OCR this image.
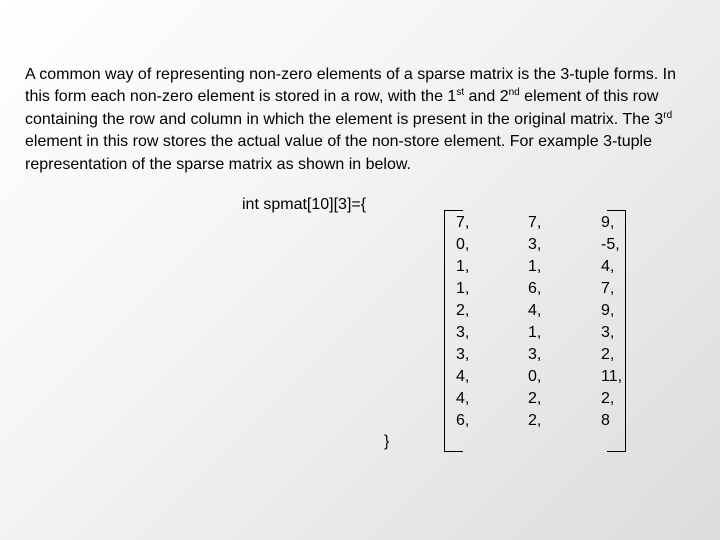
A common way of representing non-zero elements of a sparse matrix is the 3-tuple forms. In this form each non-zero element is stored in a row, with the 1st and 2nd element of this row containing the row and column in which the element is present in the original matrix. The 3rd element in this row stores the actual value of the non-store element. For example 3-tuple representation of the sparse matrix as shown in below.

int spmat[10][3]={
7,
0,
1,
1,
2,
3,
3,
4,
4,
6,
7,
3,
1,
6,
4,
1,
3,
0,
2,
2,
9,
-5,
4,
7,
9,
3,
2,
11,
2,
8
}
